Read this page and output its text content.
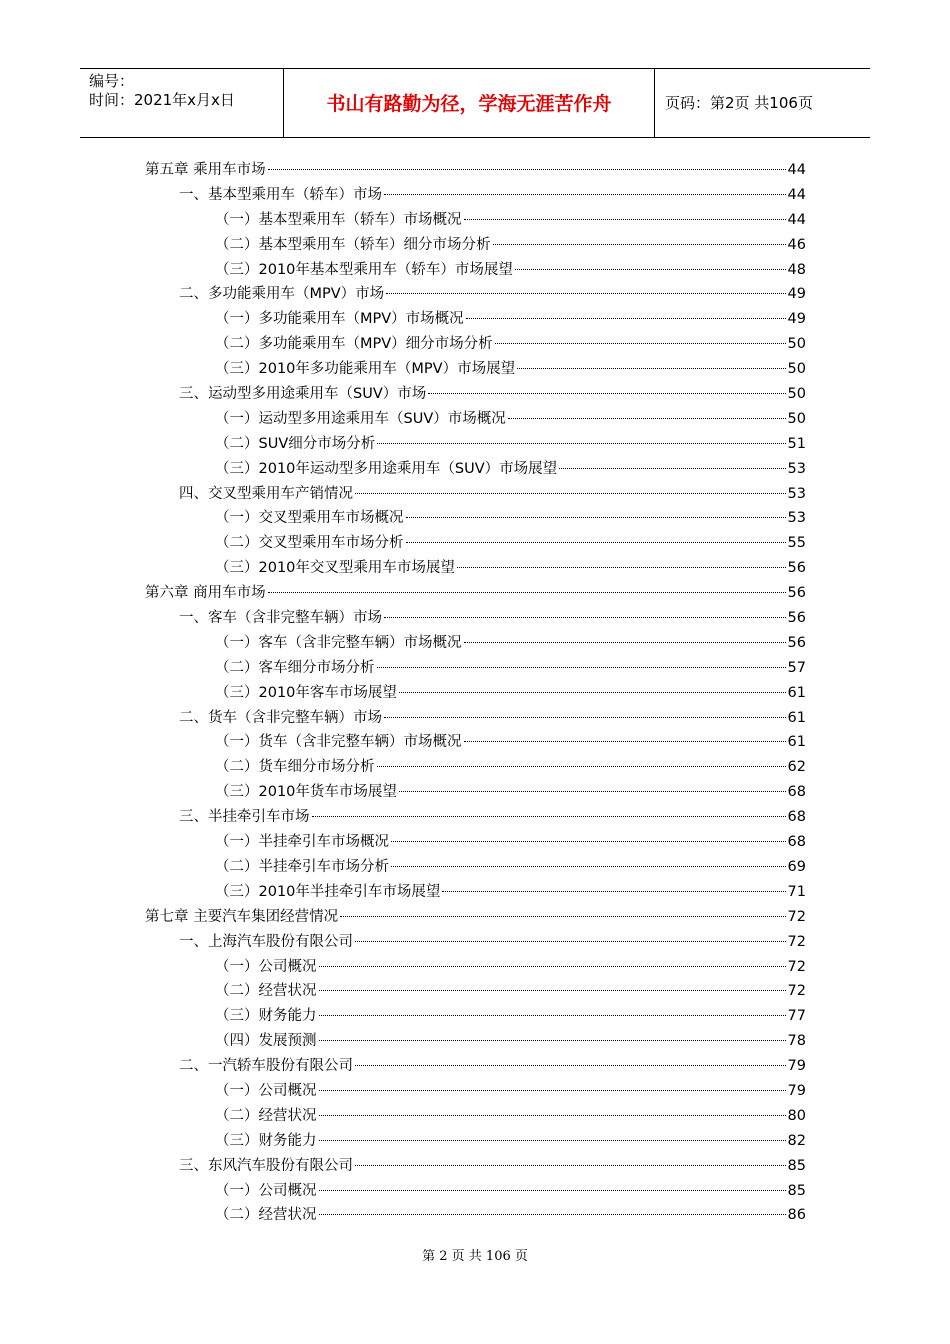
编号：
时间：2021年x月x日	书山有路勤为径，学海无涯苦作舟	页码：第2页 共106页
第五章 乘用车市场	44
一、基本型乘用车（轿车）市场	44
（一）基本型乘用车（轿车）市场概况	44
（二）基本型乘用车（轿车）细分市场分析	46
（三）2010年基本型乘用车（轿车）市场展望	48
二、多功能乘用车（MPV）市场	49
（一）多功能乘用车（MPV）市场概况	49
（二）多功能乘用车（MPV）细分市场分析	50
（三）2010年多功能乘用车（MPV）市场展望	50
三、运动型多用途乘用车（SUV）市场	50
（一）运动型多用途乘用车（SUV）市场概况	50
（二）SUV细分市场分析	51
（三）2010年运动型多用途乘用车（SUV）市场展望	53
四、交叉型乘用车产销情况	53
（一）交叉型乘用车市场概况	53
（二）交叉型乘用车市场分析	55
（三）2010年交叉型乘用车市场展望	56
第六章 商用车市场	56
一、客车（含非完整车辆）市场	56
（一）客车（含非完整车辆）市场概况	56
（二）客车细分市场分析	57
（三）2010年客车市场展望	61
二、货车（含非完整车辆）市场	61
（一）货车（含非完整车辆）市场概况	61
（二）货车细分市场分析	62
（三）2010年货车市场展望	68
三、半挂牵引车市场	68
（一）半挂牵引车市场概况	68
（二）半挂牵引车市场分析	69
（三）2010年半挂牵引车市场展望	71
第七章 主要汽车集团经营情况	72
一、上海汽车股份有限公司	72
（一）公司概况	72
（二）经营状况	72
（三）财务能力	77
（四）发展预测	78
二、一汽轿车股份有限公司	79
（一）公司概况	79
（二）经营状况	80
（三）财务能力	82
三、东风汽车股份有限公司	85
（一）公司概况	85
（二）经营状况	86
第 2 页 共 106 页
